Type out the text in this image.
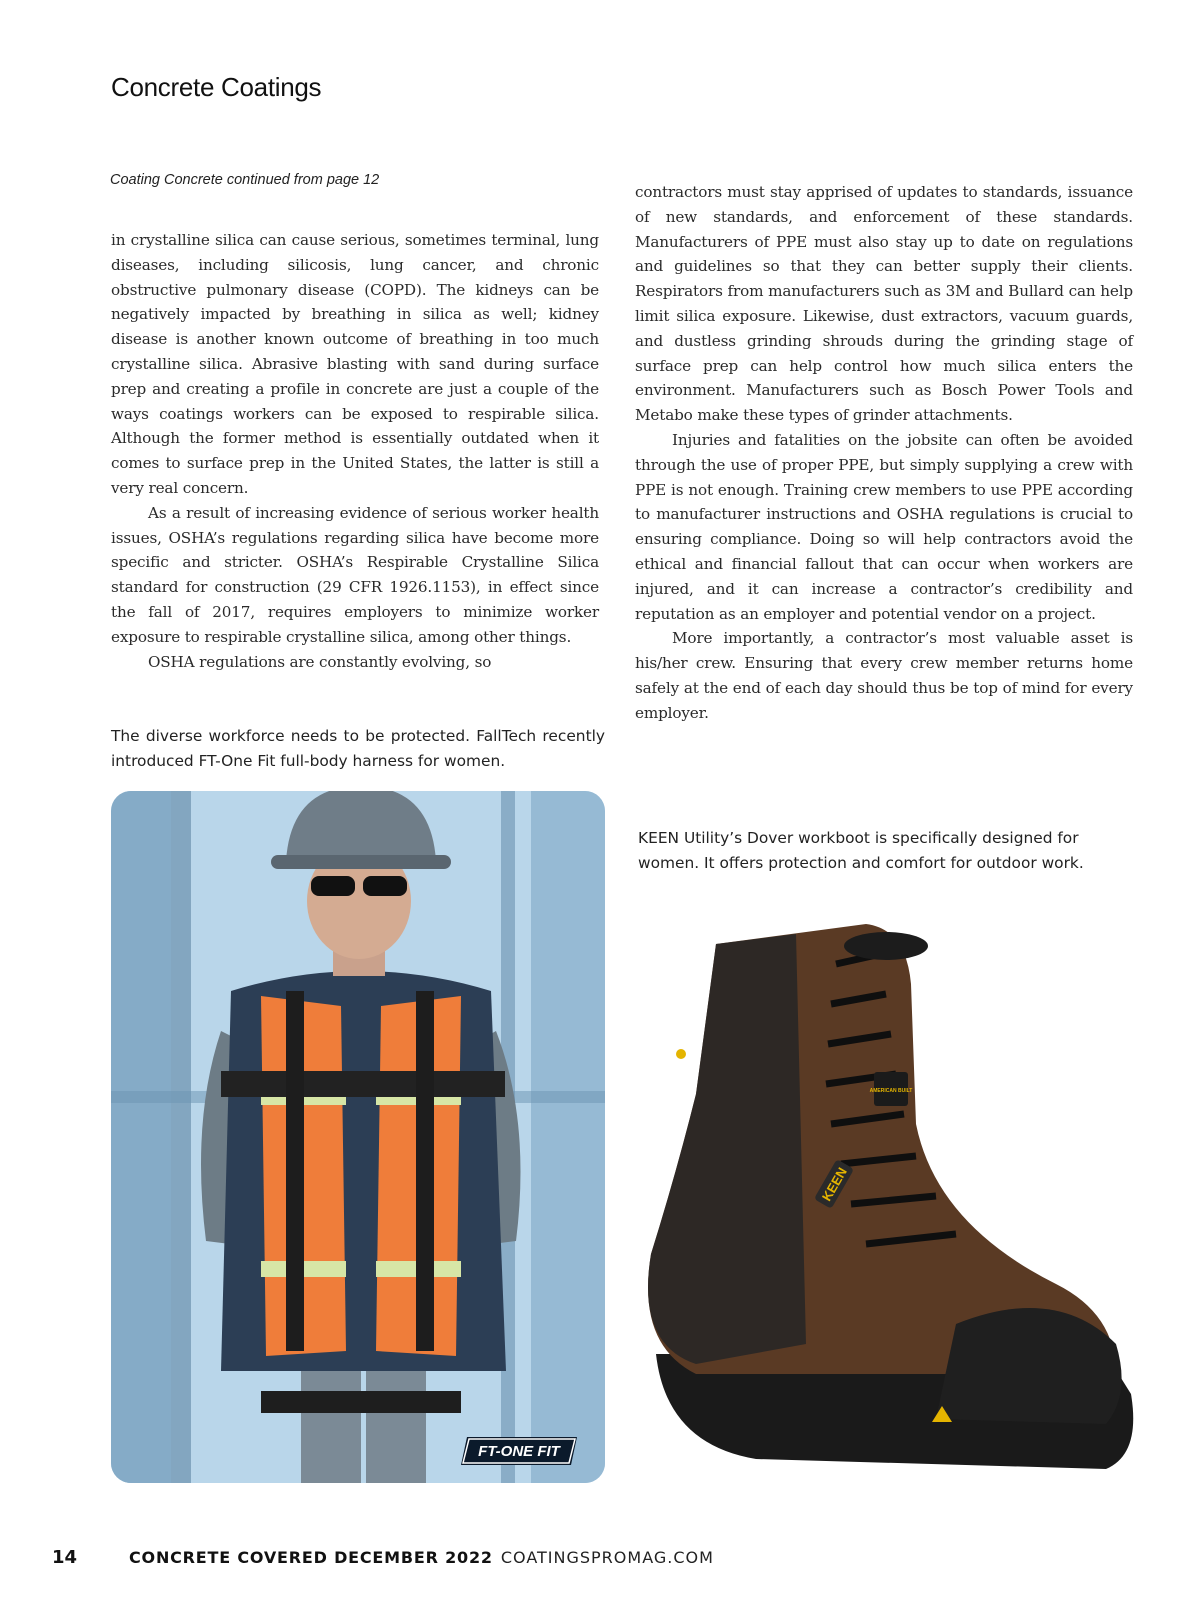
Concrete Coatings
Coating Concrete continued from page 12

in crystalline silica can cause serious, sometimes terminal, lung diseases, including silicosis, lung cancer, and chronic obstructive pulmonary disease (COPD). The kidneys can be negatively impacted by breathing in silica as well; kidney disease is another known outcome of breathing in too much crystalline silica. Abrasive blasting with sand during surface prep and creating a profile in concrete are just a couple of the ways coatings workers can be exposed to respirable silica. Although the former method is essentially outdated when it comes to surface prep in the United States, the latter is still a very real concern.

As a result of increasing evidence of serious worker health issues, OSHA’s regulations regarding silica have become more specific and stricter. OSHA’s Respirable Crystalline Silica standard for construction (29 CFR 1926.1153), in effect since the fall of 2017, requires employers to minimize worker exposure to respirable crystalline silica, among other things.

OSHA regulations are constantly evolving, so

contractors must stay apprised of updates to standards, issuance of new standards, and enforcement of these standards. Manufacturers of PPE must also stay up to date on regulations and guidelines so that they can better supply their clients. Respirators from manufacturers such as 3M and Bullard can help limit silica exposure. Likewise, dust extractors, vacuum guards, and dustless grinding shrouds during the grinding stage of surface prep can help control how much silica enters the environment. Manufacturers such as Bosch Power Tools and Metabo make these types of grinder attachments.

Injuries and fatalities on the jobsite can often be avoided through the use of proper PPE, but simply supplying a crew with PPE is not enough. Training crew members to use PPE according to manufacturer instructions and OSHA regulations is crucial to ensuring compliance. Doing so will help contractors avoid the ethical and financial fallout that can occur when workers are injured, and it can increase a contractor’s credibility and reputation as an employer and potential vendor on a project.

More importantly, a contractor’s most valuable asset is his/her crew. Ensuring that every crew member returns home safely at the end of each day should thus be top of mind for every employer.

The diverse workforce needs to be protected. FallTech recently introduced FT-One Fit full-body harness for women.
KEEN Utility’s Dover workboot is specifically designed for women. It offers protection and comfort for outdoor work.
FT-ONE FIT
KEEN
AMERICAN BUILT
14	CONCRETE COVERED DECEMBER 2022 COATINGSPROMAG.COM
